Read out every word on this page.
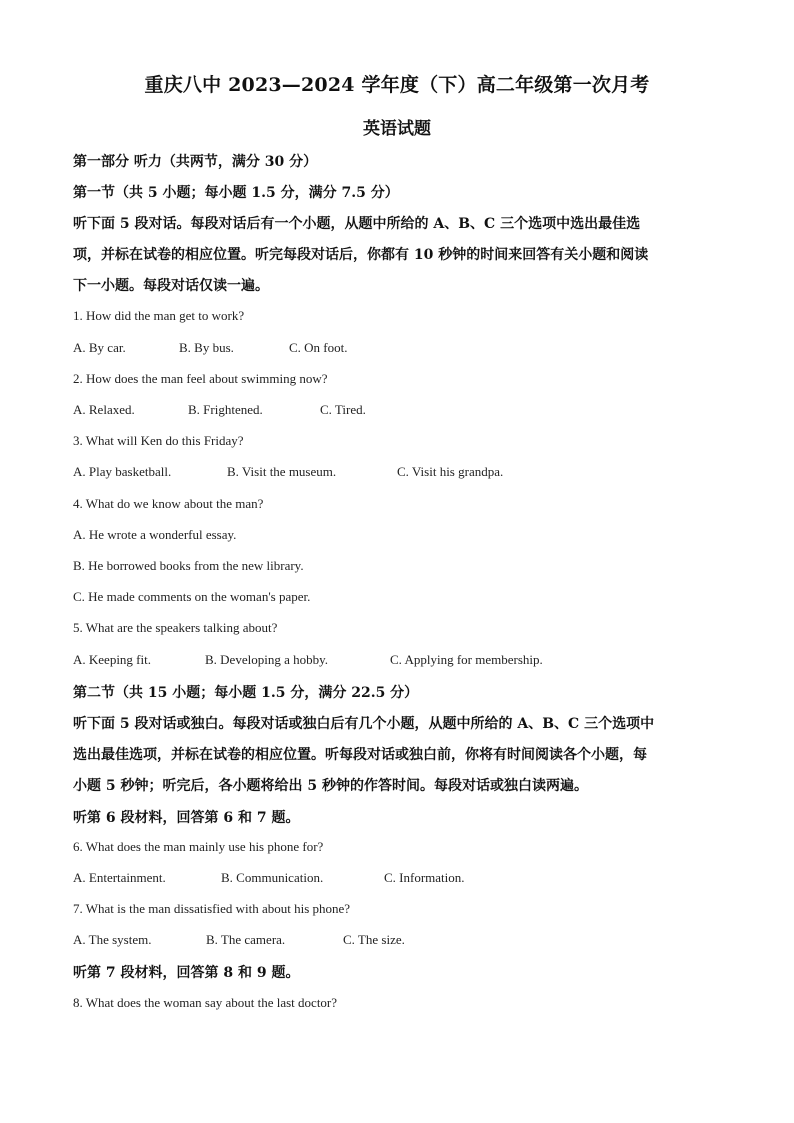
重庆八中 2023—2024 学年度（下）高二年级第一次月考
英语试题
第一部分 听力（共两节，满分 30 分）
第一节（共 5 小题；每小题 1.5 分，满分 7.5 分）
听下面 5 段对话。每段对话后有一个小题，从题中所给的 A、B、C 三个选项中选出最佳选
项，并标在试卷的相应位置。听完每段对话后，你都有 10 秒钟的时间来回答有关小题和阅读
下一小题。每段对话仅读一遍。
1. How did the man get to work?
A. By car.	B. By bus.	C. On foot.
2. How does the man feel about swimming now?
A. Relaxed.	B. Frightened.	C. Tired.
3. What will Ken do this Friday?
A. Play basketball.	B. Visit the museum.	C. Visit his grandpa.
4. What do we know about the man?
A. He wrote a wonderful essay.
B. He borrowed books from the new library.
C. He made comments on the woman's paper.
5. What are the speakers talking about?
A. Keeping fit.	B. Developing a hobby.	C. Applying for membership.
第二节（共 15 小题；每小题 1.5 分，满分 22.5 分）
听下面 5 段对话或独白。每段对话或独白后有几个小题，从题中所给的 A、B、C 三个选项中
选出最佳选项，并标在试卷的相应位置。听每段对话或独白前，你将有时间阅读各个小题，每
小题 5 秒钟；听完后，各小题将给出 5 秒钟的作答时间。每段对话或独白读两遍。
听第 6 段材料，回答第 6 和 7 题。
6. What does the man mainly use his phone for?
A. Entertainment.	B. Communication.	C. Information.
7. What is the man dissatisfied with about his phone?
A. The system.	B. The camera.	C. The size.
听第 7 段材料，回答第 8 和 9 题。
8. What does the woman say about the last doctor?
